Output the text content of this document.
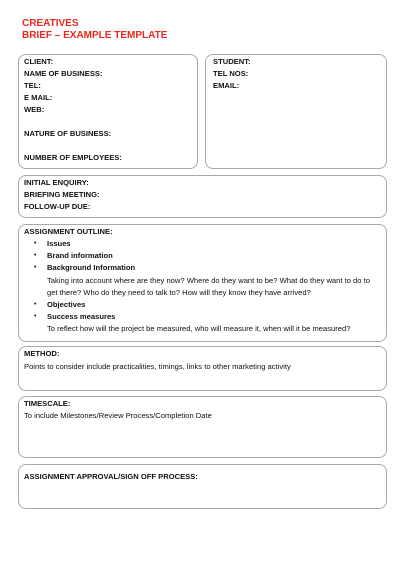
CREATIVES
BRIEF – EXAMPLE TEMPLATE
CLIENT:
NAME OF BUSINESS:
TEL:
E MAIL:
WEB:
NATURE OF BUSINESS:
NUMBER OF EMPLOYEES:
STUDENT:
TEL NOS:
EMAIL:
INITIAL ENQUIRY:
BRIEFING MEETING:
FOLLOW-UP DUE:
ASSIGNMENT OUTLINE:
• Issues
• Brand information
• Background Information
Taking into account where are they now? Where do they want to be? What do they want to do to
get there? Who do they need to talk to? How will they know they have arrived?
• Objectives
• Success measures
To reflect how will the project be measured, who will measure it, when will it be measured?
METHOD:
Points to consider include practicalities, timings, links to other marketing activity
TIMESCALE:
To include Milestones/Review Process/Completion Date
ASSIGNMENT APPROVAL/SIGN OFF PROCESS:
